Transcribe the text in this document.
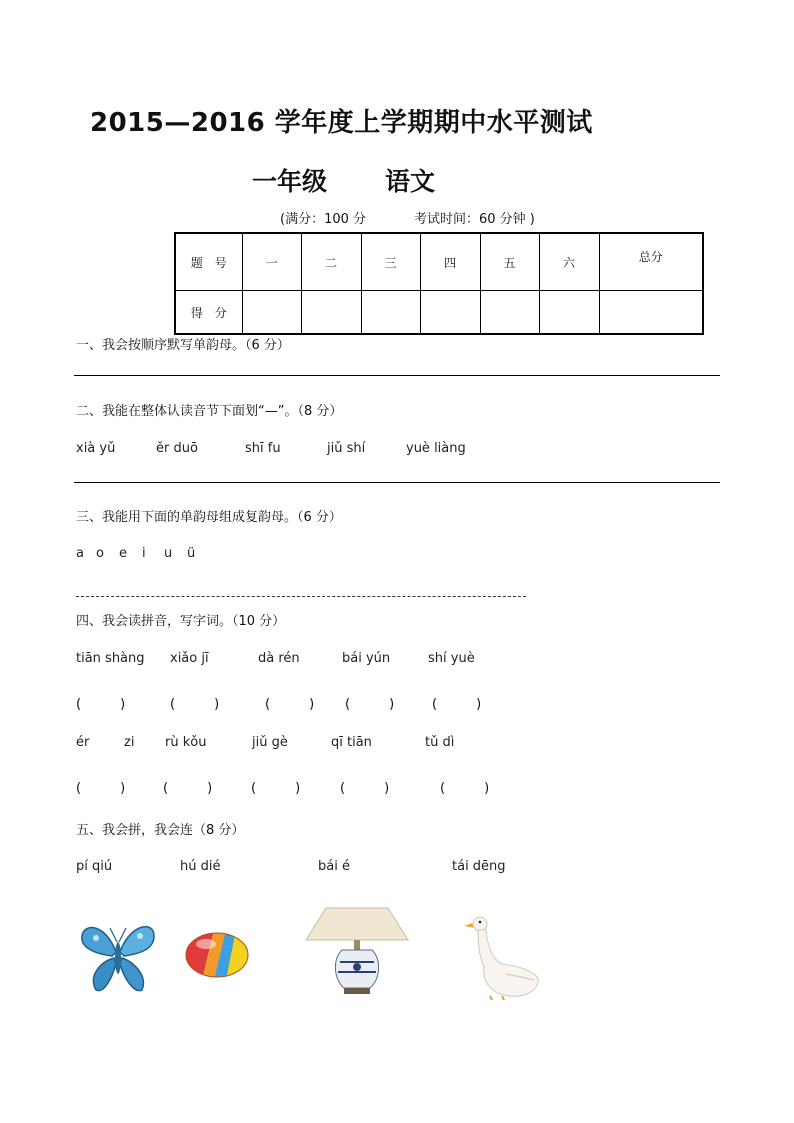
2015—2016 学年度上学期期中水平测试
一年级 语文
(满分：100 分	考试时间：60 分钟 )
题　号	一	二	三	四	五	六	总分
得　分							
一、我会按顺序默写单韵母。（6 分）
二、我能在整体认读音节下面划“—”。（8 分）
xià yǔ	ěr duō	shī fu	jiǔ shí	yuè liàng
三、我能用下面的单韵母组成复韵母。（6 分）
a o e i u ü
四、我会读拼音，写字词。（10 分）
tiān shàng xiǎo jī	dà rén	bái yún	shí yuè
(　　　)	(　　　)	(　　　) (　　　)	(　　　)
ér	zi rù kǒu	jiǔ gè	qī tiān	tǔ dì
(　　　)	(　　　)	(　　　)	(　　　)	(　　　)
五、我会拼，我会连（8 分）
pí qiú	hú dié	bái é	tái dēng
